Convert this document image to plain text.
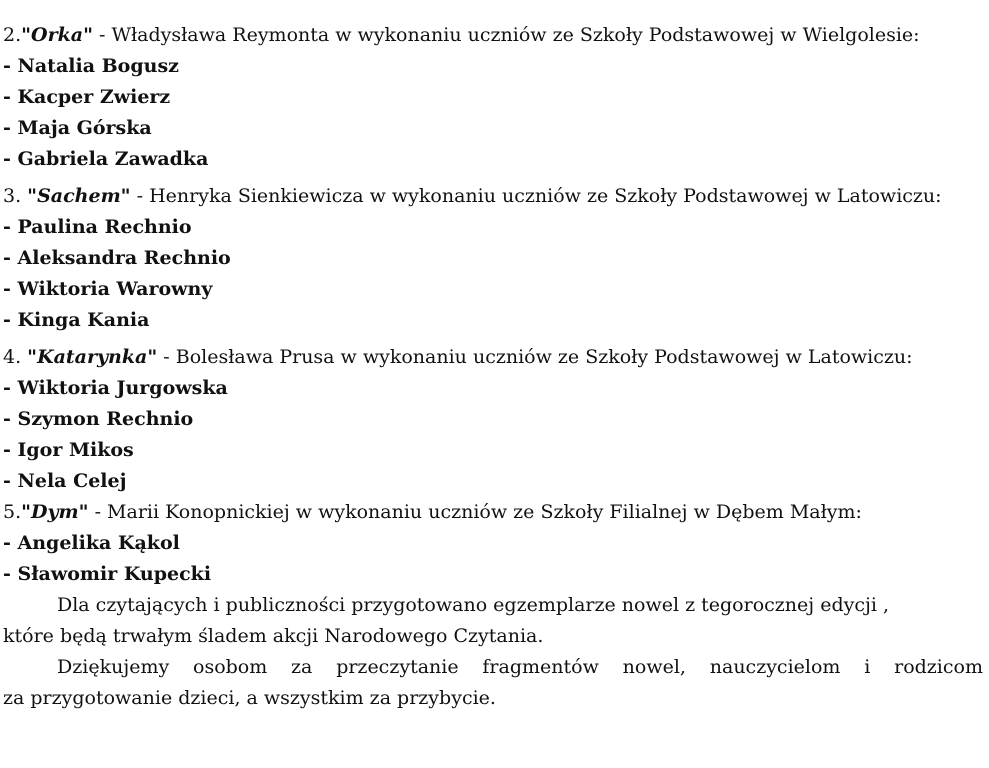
2."Orka" - Władysława Reymonta w wykonaniu uczniów ze Szkoły Podstawowej w Wielgolesie:

- Natalia Bogusz
- Kacper Zwierz
- Maja Górska
- Gabriela Zawadka

3. "Sachem" - Henryka Sienkiewicza w wykonaniu uczniów ze Szkoły Podstawowej w Latowiczu:

- Paulina Rechnio
- Aleksandra Rechnio
- Wiktoria Warowny
- Kinga Kania

4. "Katarynka" - Bolesława Prusa w wykonaniu uczniów ze Szkoły Podstawowej w Latowiczu:

- Wiktoria Jurgowska
- Szymon Rechnio
- Igor Mikos
- Nela Celej

5."Dym" - Marii Konopnickiej w wykonaniu uczniów ze Szkoły Filialnej w Dębem Małym:

- Angelika Kąkol
- Sławomir Kupecki

Dla czytających i publiczności przygotowano egzemplarze nowel z tegorocznej edycji ,

które będą trwałym śladem akcji Narodowego Czytania.

Dziękujemy osobom za przeczytanie fragmentów nowel, nauczycielom i rodzicom

za przygotowanie dzieci, a wszystkim za przybycie.
